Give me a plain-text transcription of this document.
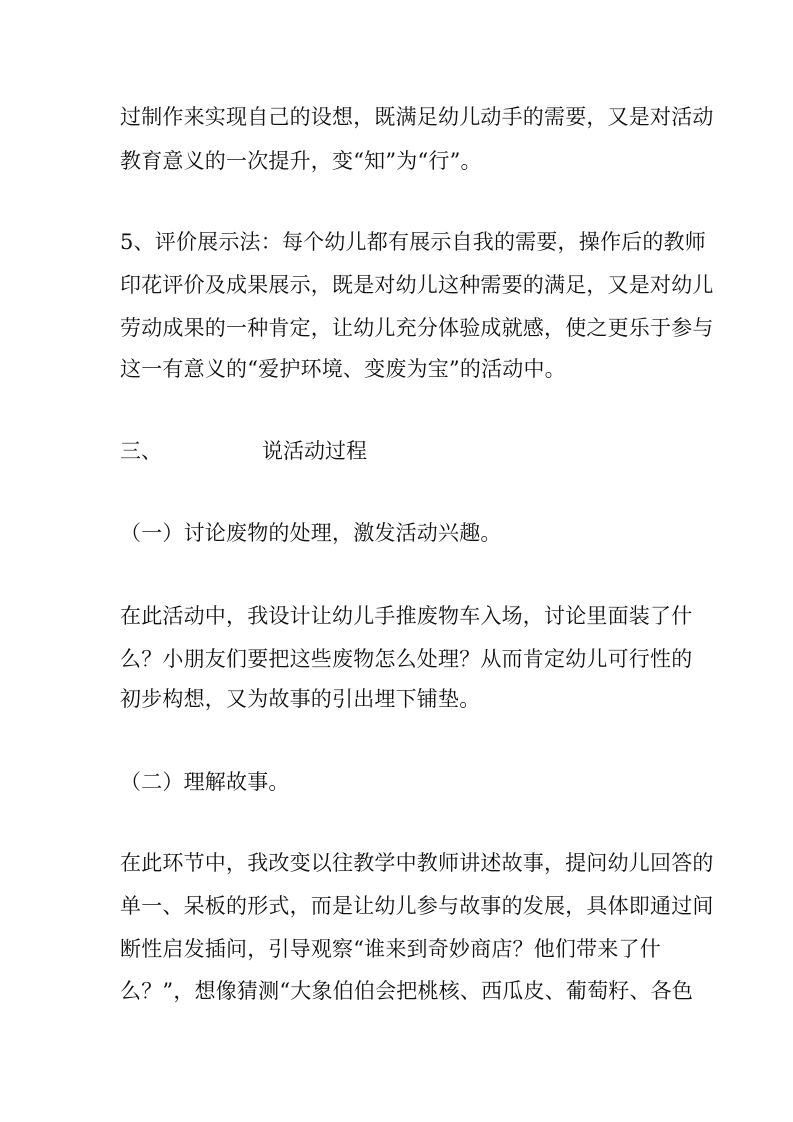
过制作来实现自己的设想，既满足幼儿动手的需要，又是对活动
教育意义的一次提升，变“知”为“行”。
5、评价展示法：每个幼儿都有展示自我的需要，操作后的教师
印花评价及成果展示，既是对幼儿这种需要的满足，又是对幼儿
劳动成果的一种肯定，让幼儿充分体验成就感，使之更乐于参与
这一有意义的“爱护环境、变废为宝”的活动中。
三、	说活动过程
（一）讨论废物的处理，激发活动兴趣。
在此活动中，我设计让幼儿手推废物车入场，讨论里面装了什
么？小朋友们要把这些废物怎么处理？从而肯定幼儿可行性的
初步构想，又为故事的引出埋下铺垫。
（二）理解故事。
在此环节中，我改变以往教学中教师讲述故事，提问幼儿回答的
单一、呆板的形式，而是让幼儿参与故事的发展，具体即通过间
断性启发插问，引导观察“谁来到奇妙商店？他们带来了什
么？”，想像猜测“大象伯伯会把桃核、西瓜皮、葡萄籽、各色
